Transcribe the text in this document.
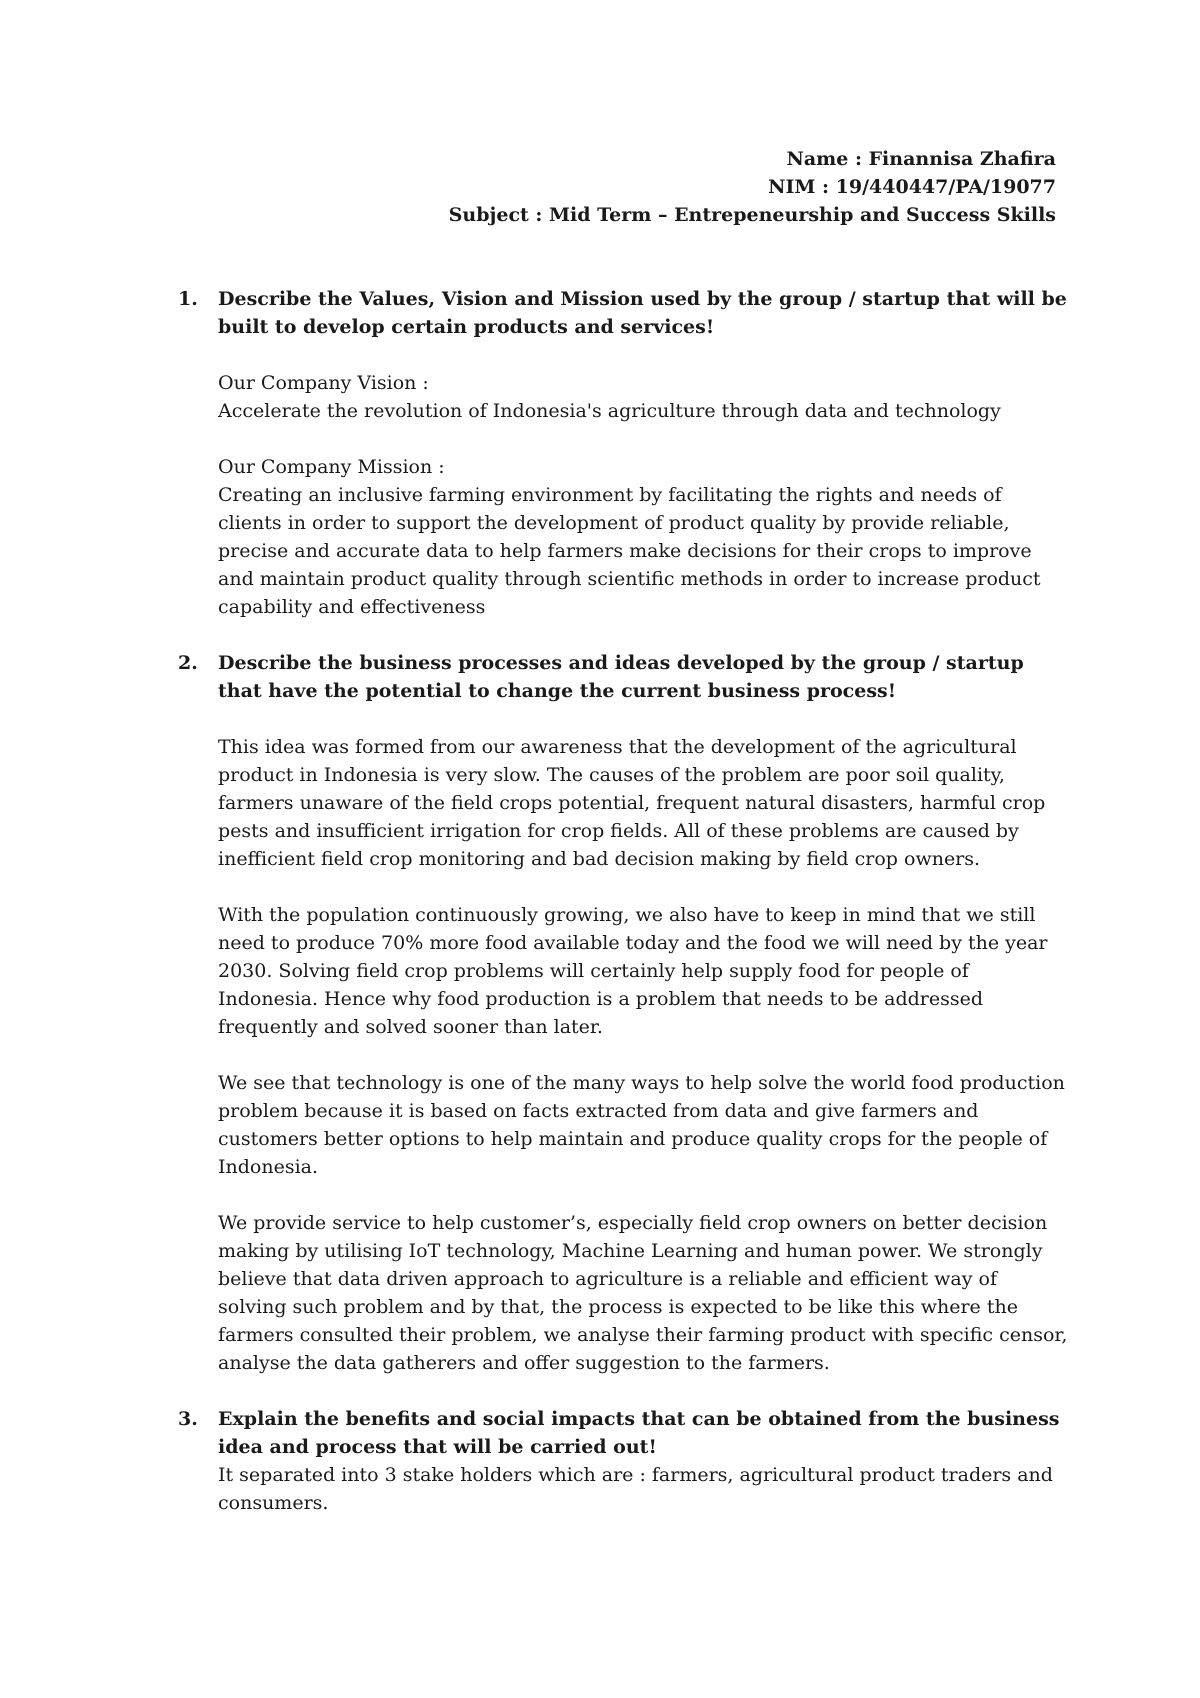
Name : Finannisa Zhafira

NIM : 19/440447/PA/19077

Subject : Mid Term – Entrepeneurship and Success Skills

1. Describe the Values, Vision and Mission used by the group / startup that will be built to develop certain products and services!

Our Company Vision :

Accelerate the revolution of Indonesia's agriculture through data and technology

Our Company Mission :

Creating an inclusive farming environment by facilitating the rights and needs of clients in order to support the development of product quality by provide reliable, precise and accurate data to help farmers make decisions for their crops to improve and maintain product quality through scientific methods in order to increase product capability and effectiveness

2. Describe the business processes and ideas developed by the group / startup that have the potential to change the current business process!

This idea was formed from our awareness that the development of the agricultural product in Indonesia is very slow. The causes of the problem are poor soil quality, farmers unaware of the field crops potential, frequent natural disasters, harmful crop pests and insufficient irrigation for crop fields. All of these problems are caused by inefficient field crop monitoring and bad decision making by field crop owners.

With the population continuously growing, we also have to keep in mind that we still need to produce 70% more food available today and the food we will need by the year 2030. Solving field crop problems will certainly help supply food for people of Indonesia. Hence why food production is a problem that needs to be addressed frequently and solved sooner than later.

We see that technology is one of the many ways to help solve the world food production problem because it is based on facts extracted from data and give farmers and customers better options to help maintain and produce quality crops for the people of Indonesia.

We provide service to help customer’s, especially field crop owners on better decision making by utilising IoT technology, Machine Learning and human power. We strongly believe that data driven approach to agriculture is a reliable and efficient way of solving such problem and by that, the process is expected to be like this where the farmers consulted their problem, we analyse their farming product with specific censor, analyse the data gatherers and offer suggestion to the farmers.

3. Explain the benefits and social impacts that can be obtained from the business idea and process that will be carried out!

It separated into 3 stake holders which are : farmers, agricultural product traders and consumers.
